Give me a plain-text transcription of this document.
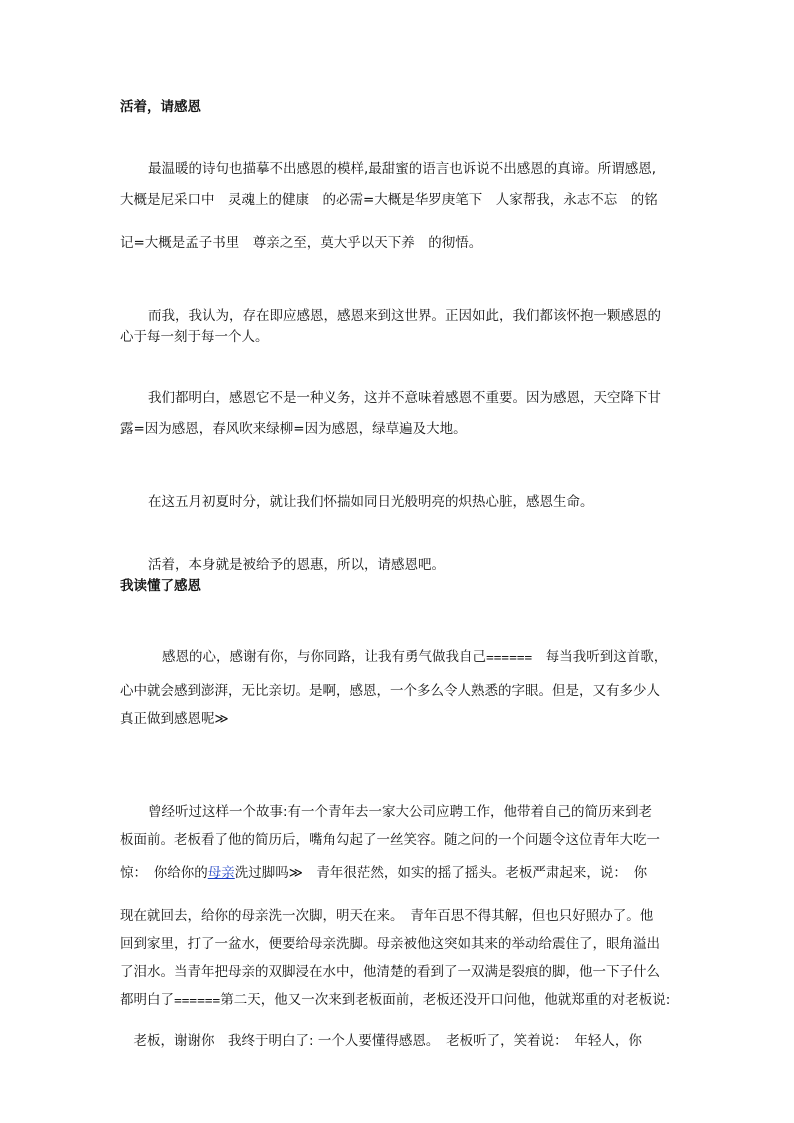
活着，请感恩
最温暖的诗句也描摹不出感恩的模样,最甜蜜的语言也诉说不出感恩的真谛。所谓感恩,
大概是尼采口中　灵魂上的健康　的必需=大概是华罗庚笔下　人家帮我，永志不忘　的铭
记=大概是孟子书里　尊亲之至，莫大乎以天下养　的彻悟。
而我，我认为，存在即应感恩，感恩来到这世界。正因如此，我们都该怀抱一颗感恩的
心于每一刻于每一个人。
我们都明白，感恩它不是一种义务，这并不意味着感恩不重要。因为感恩，天空降下甘
露=因为感恩，春风吹来绿柳=因为感恩，绿草遍及大地。
在这五月初夏时分，就让我们怀揣如同日光般明亮的炽热心脏，感恩生命。
活着，本身就是被给予的恩惠，所以，请感恩吧。
我读懂了感恩
感恩的心，感谢有你，与你同路，让我有勇气做我自己⩶⩶　每当我听到这首歌，
心中就会感到澎湃，无比亲切。是啊，感恩，一个多么令人熟悉的字眼。但是，又有多少人
真正做到感恩呢≫
曾经听过这样一个故事:有一个青年去一家大公司应聘工作，他带着自己的简历来到老
板面前。老板看了他的简历后，嘴角勾起了一丝笑容。随之问的一个问题令这位青年大吃一
惊：　你给你的母亲洗过脚吗≫　青年很茫然，如实的摇了摇头。老板严肃起来，说：　你
现在就回去，给你的母亲洗一次脚，明天在来。　青年百思不得其解，但也只好照办了。他
回到家里，打了一盆水，便要给母亲洗脚。母亲被他这突如其来的举动给震住了，眼角溢出
了泪水。当青年把母亲的双脚浸在水中，他清楚的看到了一双满是裂痕的脚，他一下子什么
都明白了⩶⩶第二天，他又一次来到老板面前，老板还没开口问他，他就郑重的对老板说:
　老板，谢谢你　我终于明白了: 一个人要懂得感恩。　老板听了，笑着说：　年轻人，你
